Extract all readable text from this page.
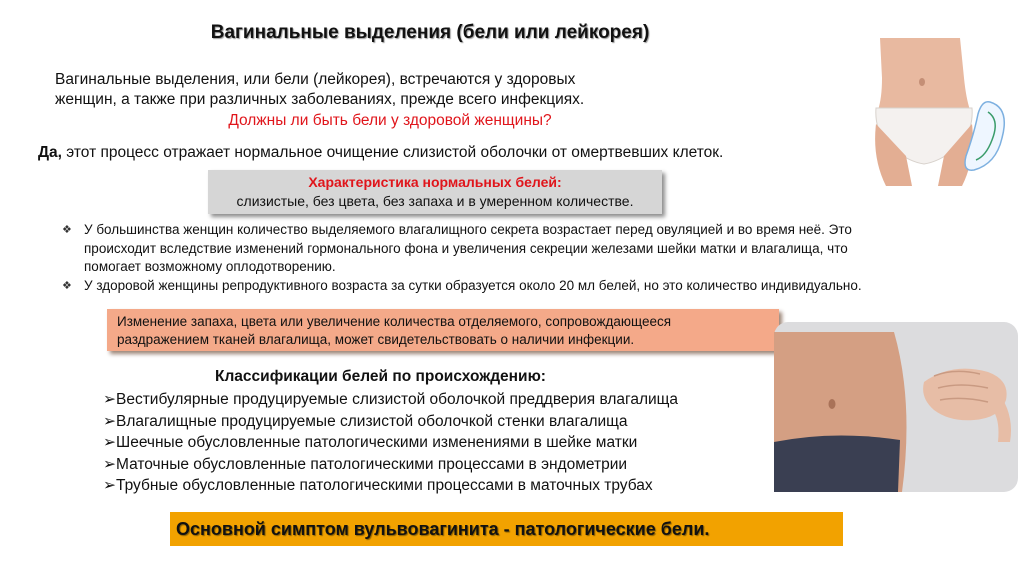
Вагинальные выделения (бели или лейкорея)
Вагинальные выделения, или бели (лейкорея), встречаются у здоровых
женщин, а также при различных заболеваниях, прежде всего инфекциях.
Должны ли быть бели у здоровой женщины?
Да, этот процесс отражает нормальное очищение слизистой оболочки от омертвевших клеток.
Характеристика нормальных белей:
слизистые, без цвета, без запаха и в умеренном количестве.
❖ У большинства женщин количество выделяемого влагалищного секрета возрастает перед овуляцией и во время неё. Это
происходит вследствие изменений гормонального фона и увеличения секреции железами шейки матки и влагалища, что
помогает возможному оплодотворению.
❖ У здоровой женщины репродуктивного возраста за сутки образуется около 20 мл белей, но это количество индивидуально.
Изменение запаха, цвета или увеличение количества отделяемого, сопровождающееся
раздражением тканей влагалища, может свидетельствовать о наличии инфекции.
Классификации белей по происхождению:
➢Вестибулярные продуцируемые слизистой оболочкой преддверия влагалища
➢Влагалищные продуцируемые слизистой оболочкой стенки влагалища
➢Шеечные обусловленные патологическими изменениями в шейке матки
➢Маточные обусловленные патологическими процессами в эндометрии
➢Трубные обусловленные патологическими процессами в маточных трубах
Основной симптом вульвовагинита - патологические бели.
